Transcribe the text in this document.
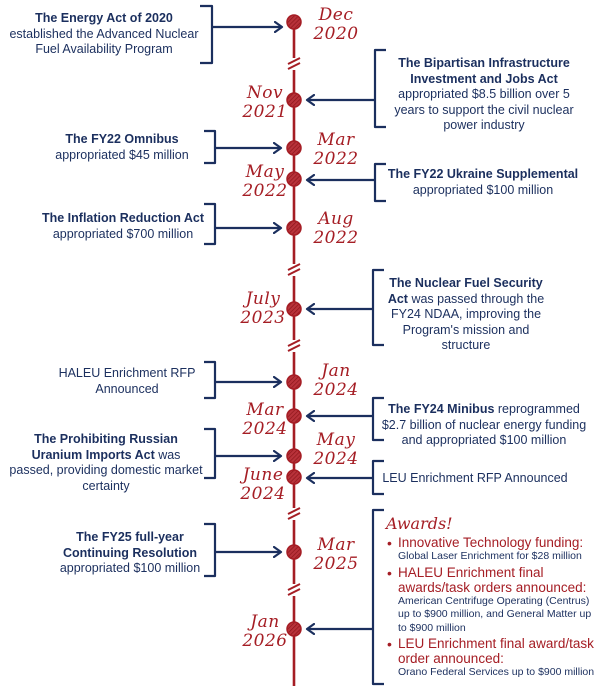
Dec
2020
Nov
2021
Mar
2022
May
2022
Aug
2022
July
2023
Jan
2024
Mar
2024
May
2024
June
2024
Mar
2025
Jan
2026
The Energy Act of 2020 established the Advanced Nuclear Fuel Availability Program
The FY22 Omnibus
appropriated $45 million
The Inflation Reduction Act
appropriated $700 million
HALEU Enrichment RFP Announced
The Prohibiting Russian Uranium Imports Act was passed, providing domestic market certainty
The FY25 full-year Continuing Resolution appropriated $100 million
The Bipartisan Infrastructure Investment and Jobs Act appropriated $8.5 billion over 5 years to support the civil nuclear power industry
The FY22 Ukraine Supplemental
appropriated $100 million
The Nuclear Fuel Security Act was passed through the FY24 NDAA, improving the Program's mission and structure
The FY24 Minibus reprogrammed $2.7 billion of nuclear energy funding and appropriated $100 million
LEU Enrichment RFP Announced
Awards!
• Innovative Technology funding:
Global Laser Enrichment for $28 million
• HALEU Enrichment final awards/task orders announced:
American Centrifuge Operating (Centrus) up to $900 million, and General Matter up to $900 million
• LEU Enrichment final award/task order announced:
Orano Federal Services up to $900 million
